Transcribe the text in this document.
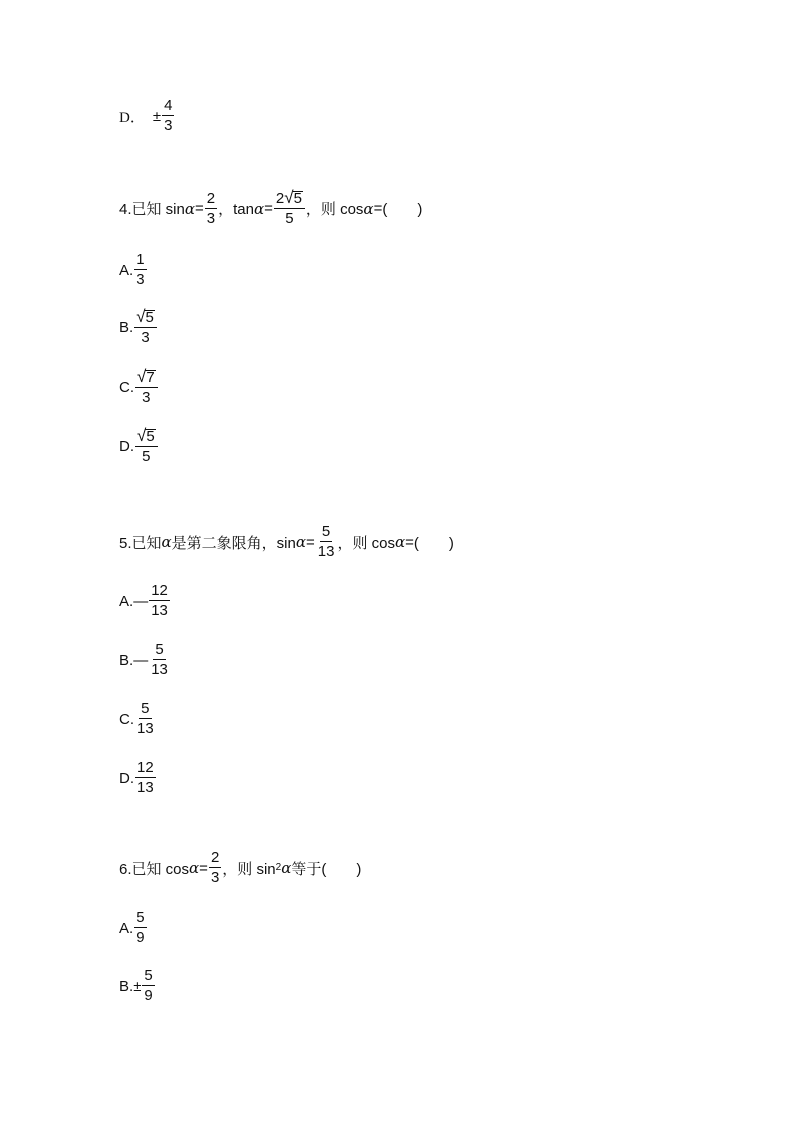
D． ± $\frac{4}{3}$
4.已知 $\sin \alpha = \frac{2}{3}$ ，$\tan \alpha = \frac{2 √ 5}{5}$ ，则 cos α = (　　)
A. $\frac{1}{3}$
B. $\frac{√ 5}{3}$
C. $\frac{√ 7}{3}$
D. $\frac{√ 5}{5}$
5.已知 α 是第二象限角，$\sin \alpha = \frac{5}{13}$ ，则 cos α = (　　)
A. — $\frac{12}{13}$
B. — $\frac{5}{13}$
C. $\frac{5}{13}$
D. $\frac{12}{13}$
6.已知 $\cos \alpha = \frac{2}{3}$ ，则 sin 2 α 等于 (　　)
A. $\frac{5}{9}$
B. ± $\frac{5}{9}$
